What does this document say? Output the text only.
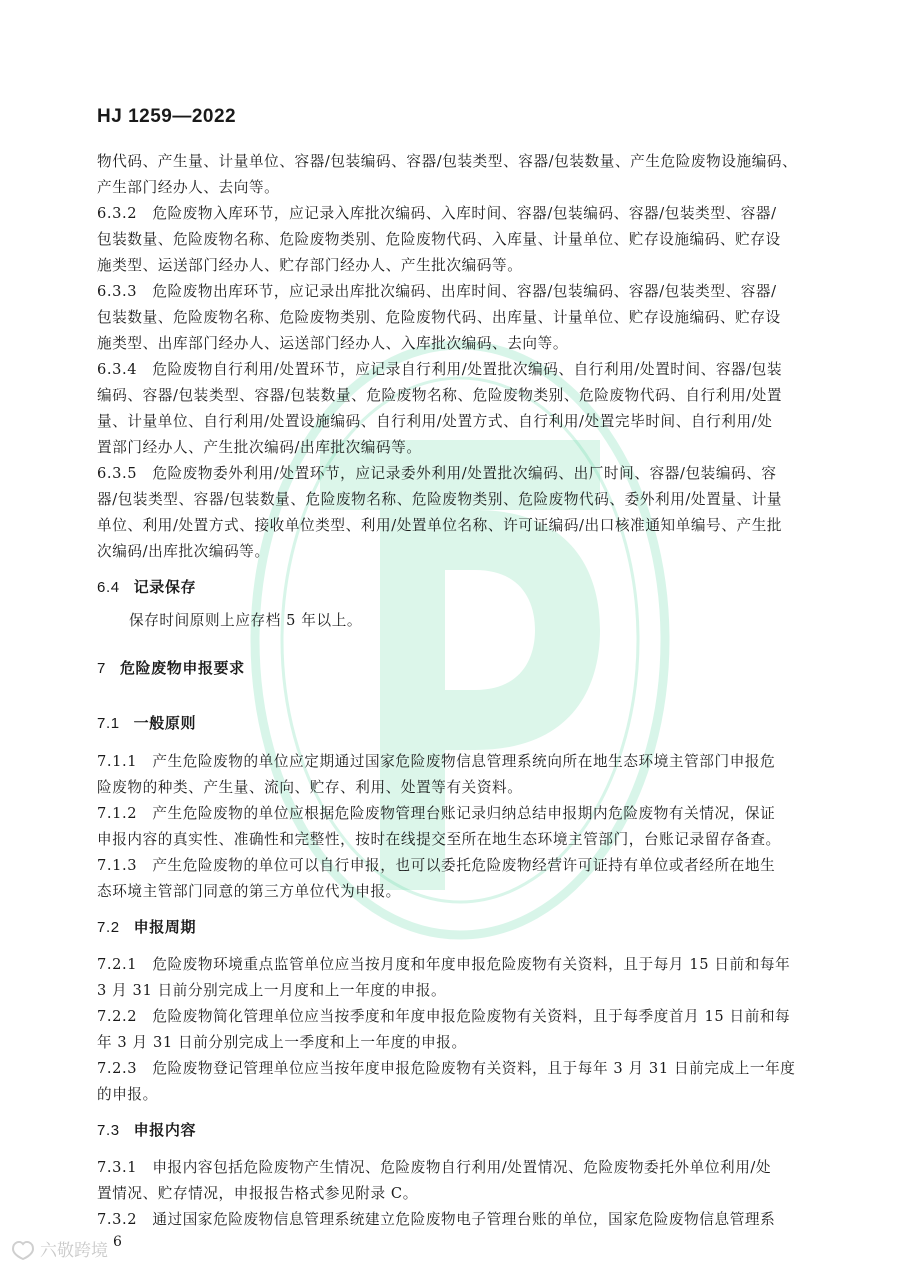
HJ 1259—2022
物代码、产生量、计量单位、容器/包装编码、容器/包装类型、容器/包装数量、产生危险废物设施编码、
产生部门经办人、去向等。
6.3.2　危险废物入库环节，应记录入库批次编码、入库时间、容器/包装编码、容器/包装类型、容器/
包装数量、危险废物名称、危险废物类别、危险废物代码、入库量、计量单位、贮存设施编码、贮存设
施类型、运送部门经办人、贮存部门经办人、产生批次编码等。
6.3.3　危险废物出库环节，应记录出库批次编码、出库时间、容器/包装编码、容器/包装类型、容器/
包装数量、危险废物名称、危险废物类别、危险废物代码、出库量、计量单位、贮存设施编码、贮存设
施类型、出库部门经办人、运送部门经办人、入库批次编码、去向等。
6.3.4　危险废物自行利用/处置环节，应记录自行利用/处置批次编码、自行利用/处置时间、容器/包装
编码、容器/包装类型、容器/包装数量、危险废物名称、危险废物类别、危险废物代码、自行利用/处置
量、计量单位、自行利用/处置设施编码、自行利用/处置方式、自行利用/处置完毕时间、自行利用/处
置部门经办人、产生批次编码/出库批次编码等。
6.3.5　危险废物委外利用/处置环节，应记录委外利用/处置批次编码、出厂时间、容器/包装编码、容
器/包装类型、容器/包装数量、危险废物名称、危险废物类别、危险废物代码、委外利用/处置量、计量
单位、利用/处置方式、接收单位类型、利用/处置单位名称、许可证编码/出口核准通知单编号、产生批
次编码/出库批次编码等。
6.4 记录保存
保存时间原则上应存档 5 年以上。
7 危险废物申报要求
7.1 一般原则
7.1.1　产生危险废物的单位应定期通过国家危险废物信息管理系统向所在地生态环境主管部门申报危
险废物的种类、产生量、流向、贮存、利用、处置等有关资料。
7.1.2　产生危险废物的单位应根据危险废物管理台账记录归纳总结申报期内危险废物有关情况，保证
申报内容的真实性、准确性和完整性，按时在线提交至所在地生态环境主管部门，台账记录留存备查。
7.1.3　产生危险废物的单位可以自行申报，也可以委托危险废物经营许可证持有单位或者经所在地生
态环境主管部门同意的第三方单位代为申报。
7.2 申报周期
7.2.1　危险废物环境重点监管单位应当按月度和年度申报危险废物有关资料，且于每月 15 日前和每年
3 月 31 日前分别完成上一月度和上一年度的申报。
7.2.2　危险废物简化管理单位应当按季度和年度申报危险废物有关资料，且于每季度首月 15 日前和每
年 3 月 31 日前分别完成上一季度和上一年度的申报。
7.2.3　危险废物登记管理单位应当按年度申报危险废物有关资料，且于每年 3 月 31 日前完成上一年度
的申报。
7.3 申报内容
7.3.1　申报内容包括危险废物产生情况、危险废物自行利用/处置情况、危险废物委托外单位利用/处
置情况、贮存情况，申报报告格式参见附录 C。
7.3.2　通过国家危险废物信息管理系统建立危险废物电子管理台账的单位，国家危险废物信息管理系
6
六敬跨境
